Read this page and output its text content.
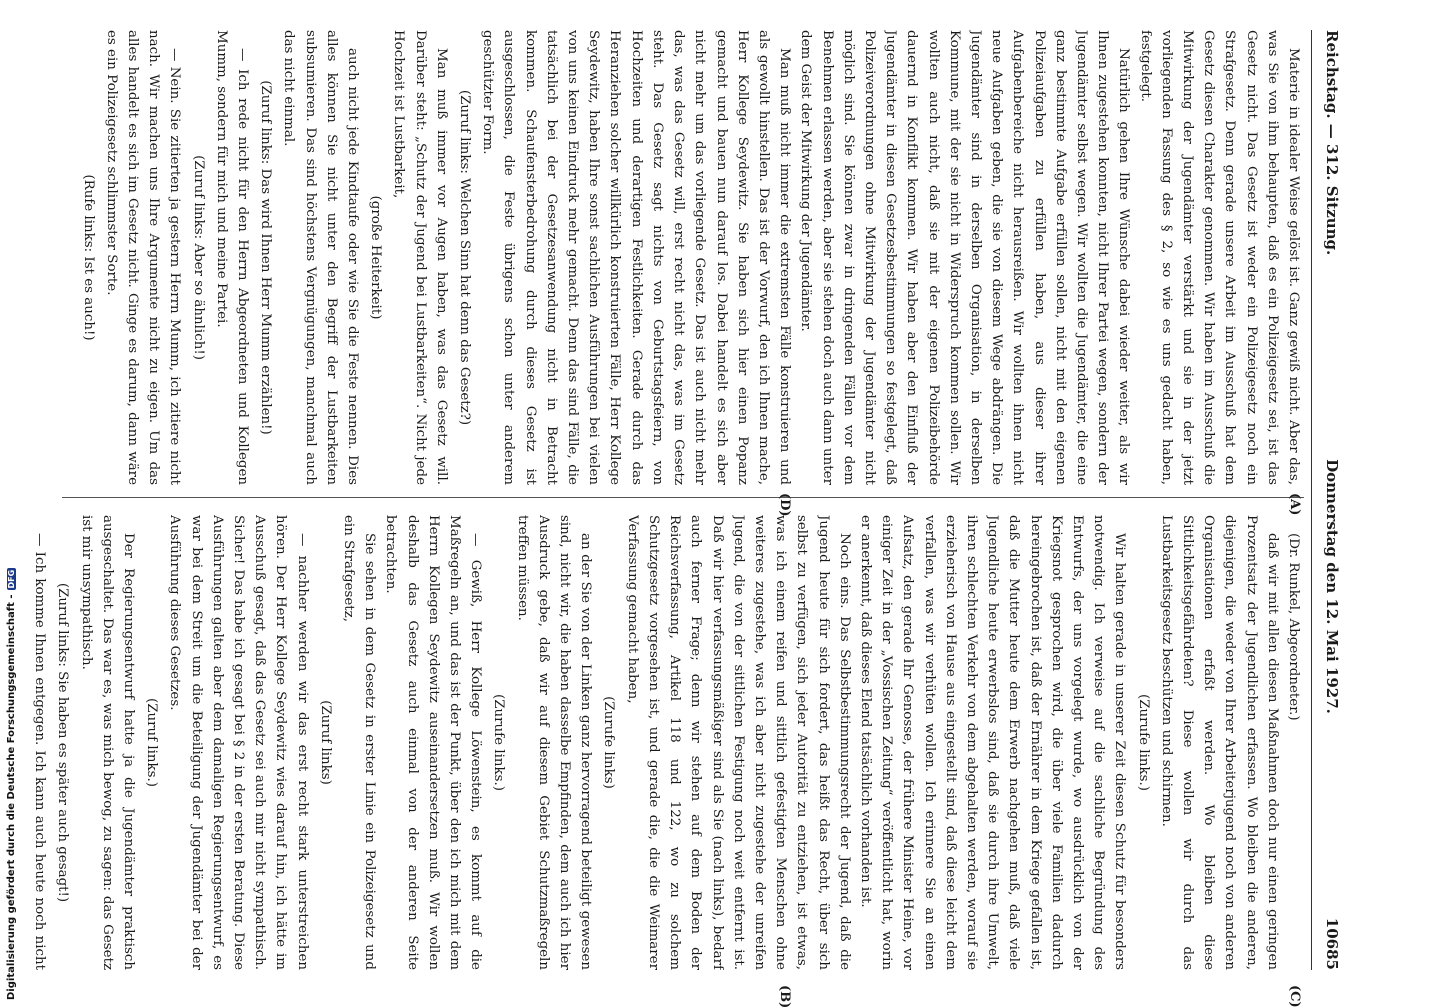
Reichstag. — 312. Sitzung.
Donnerstag den 12. Mai 1927.
10685

Materie in idealer Weise gelöst ist. Ganz gewiß nicht. Aber das, was Sie von ihm behaupten, daß es ein Polizeigesetz sei, ist das Gesetz nicht. Das Gesetz ist weder ein Polizeigesetz noch ein Strafgesetz. Denn gerade unsere Arbeit im Ausschuß hat dem Gesetz diesen Charakter genommen. Wir haben im Ausschuß die Mitwirkung der Jugendämter verstärkt und sie in der jetzt vorliegenden Fassung des § 2, so wie es uns gedacht haben, festgelegt.

Natürlich gehen Ihre Wünsche dabei wieder weiter, als wir Ihnen zugestehen konnten, nicht Ihrer Partei wegen, sondern der Jugendämter selbst wegen. Wir wollten die Jugendämter, die eine ganz bestimmte Aufgabe erfüllen sollen, nicht mit den eigenen Polizeiaufgaben zu erfüllen haben, aus dieser ihrer Aufgabenbereiche nicht herausreißen. Wir wollten ihnen nicht neue Aufgaben geben, die sie von diesem Wege abdrängen. Die Jugendämter sind in derselben Organisation, in derselben Kommune, mit der sie nicht in Widerspruch kommen sollen. Wir wollten auch nicht, daß sie mit der eigenen Polizeibehörde dauernd in Konflikt kommen. Wir haben aber den Einfluß der Jugendämter in diesen Gesetzesbestimmungen so festgelegt, daß Polizeiverordnungen ohne Mitwirkung der Jugendämter nicht möglich sind. Sie können zwar in dringenden Fällen vor dem Benehmen erlassen werden, aber sie stehen doch auch dann unter dem Geist der Mitwirkung der Jugendämter.

Man muß nicht immer die extremsten Fälle konstruieren und als gewollt hinstellen. Das ist der Vorwurf, den ich Ihnen mache, Herr Kollege Seydewitz. Sie haben sich hier einen Popanz gemacht und bauen nun darauf los. Dabei handelt es sich aber nicht mehr um das vorliegende Gesetz. Das ist auch nicht mehr das, was das Gesetz will, erst recht nicht das, was im Gesetz steht. Das Gesetz sagt nichts von Geburtstagsfeiern, von Hochzeiten und derartigen Festlichkeiten. Gerade durch das Heranziehen solcher willkürlich konstruierten Fälle, Herr Kollege Seydewitz, haben Ihre sonst sachlichen Ausführungen bei vielen von uns keinen Eindruck mehr gemacht. Denn das sind Fälle, die tatsächlich bei der Gesetzesanwendung nicht in Betracht kommen. Schaufensterbedrohung durch dieses Gesetz ist ausgeschlossen, die Feste übrigens schon unter anderem geschützter Form.

(Zuruf links: Welchen Sinn hat denn das Gesetz?)

Man muß immer vor Augen haben, was das Gesetz will. Darüber steht: „Schutz der Jugend bei Lustbarkeiten“. Nicht jede Hochzeit ist Lustbarkeit,

(große Heiterkeit)

auch nicht jede Kindtaufe oder wie Sie die Feste nennen. Dies alles können Sie nicht unter den Begriff der Lustbarkeiten subsumieren. Das sind höchstens Vergnügungen, manchmal auch das nicht einmal.

(Zuruf links: Das wird Ihnen Herr Mumm erzählen!)

— Ich rede nicht für den Herrn Abgeordneten und Kollegen Mumm, sondern für mich und meine Partei.

(Zuruf links: Aber so ähnlich!)

— Nein. Sie zitierten ja gestern Herrn Mumm, ich zitiere nicht nach. Wir machen uns Ihre Argumente nicht zu eigen. Um das alles handelt es sich im Gesetz nicht. Ginge es darum, dann wäre es ein Polizeigesetz schlimmster Sorte.

(Rufe links: Ist es auch!)

(Dr. Runkel, Abgeordneter.)

daß wir mit allen diesen Maßnahmen doch nur einen geringen Prozentsatz der Jugendlichen erfassen. Wo bleiben die anderen, diejenigen, die weder von Ihrer Arbeiterjugend noch von anderen Organisationen erfaßt werden. Wo bleiben diese Sittlichkeitsgefährdeten? Diese wollen wir durch das Lustbarkeitsgesetz beschützen und schirmen.

(Zurufe links.)

Wir halten gerade in unserer Zeit diesen Schutz für besonders notwendig. Ich verweise auf die sachliche Begründung des Entwurfs, der uns vorgelegt wurde, wo ausdrücklich von der Kriegsnot gesprochen wird, die über viele Familien dadurch hereingebrochen ist, daß der Ernährer in dem Kriege gefallen ist, daß die Mutter heute dem Erwerb nachgehen muß, daß viele Jugendliche heute erwerbslos sind, daß sie durch ihre Umwelt, ihren schlechten Verkehr von dem abgehalten werden, worauf sie erzieherisch von Hause aus eingestellt sind, daß diese leicht dem verfallen, was wir verhüten wollen. Ich erinnere Sie an einen Aufsatz, den gerade Ihr Genosse, der frühere Minister Heine, vor einiger Zeit in der „Vossischen Zeitung“ veröffentlicht hat, worin er anerkennt, daß dieses Elend tatsächlich vorhanden ist.

Noch eins. Das Selbstbestimmungsrecht der Jugend, daß die Jugend heute für sich fordert, das heißt das Recht, über sich selbst zu verfügen, sich jeder Autorität zu entziehen, ist etwas, was ich einem reifen und sittlich gefestigten Menschen ohne weiteres zugestehe, was ich aber nicht zugestehe der unreifen Jugend, die von der sittlichen Festigung noch weit entfernt ist. Daß wir hier verfassungsmäßiger sind als Sie (nach links), bedarf auch ferner Frage; denn wir stehen auf dem Boden der Reichsverfassung, Artikel 118 und 122, wo zu solchem Schutzgesetz vorgesehen ist, und gerade die, die die Weimarer Verfassung gemacht haben,

(Zurufe links)

an der Sie von der Linken ganz hervorragend beteiligt gewesen sind, nicht wir, die haben dasselbe Empfinden, dem auch ich hier Ausdruck gebe, daß wir auf diesem Gebiet Schutzmaßregeln treffen müssen.

(Zurufe links.)

— Gewiß, Herr Kollege Löwenstein, es kommt auf die Maßregeln an, und das ist der Punkt, über den ich mich mit dem Herrn Kollegen Seydewitz auseinandersetzen muß. Wir wollen deshalb das Gesetz auch einmal von der anderen Seite betrachten.

Sie sehen in dem Gesetz in erster Linie ein Polizeigesetz und ein Strafgesetz,

(Zuruf links)

— nachher werden wir das erst recht stark unterstreichen hören. Der Herr Kollege Seydewitz wies darauf hin, ich hätte im Ausschuß gesagt, daß das Gesetz sei auch mir nicht sympathisch. Sicher! Das habe ich gesagt bei § 2 in der ersten Beratung. Diese Ausführungen galten aber dem damaligen Regierungsentwurf, es war bei dem Streit um die Beteiligung der Jugendämter bei der Ausführung dieses Gesetzes.

(Zuruf links.)

Der Regierungsentwurf hatte ja die Jugendämter praktisch ausgeschaltet. Das war es, was mich bewog, zu sagen: das Gesetz ist mir unsympathisch.

(Zuruf links: Sie haben es später auch gesagt!)

— Ich komme Ihnen entgegen. Ich kann auch heute noch nicht

(C)
(D)	(A)
(B)
Digitalisierung gefördert durch die Deutsche Forschungsgemeinschaft -
DFG
